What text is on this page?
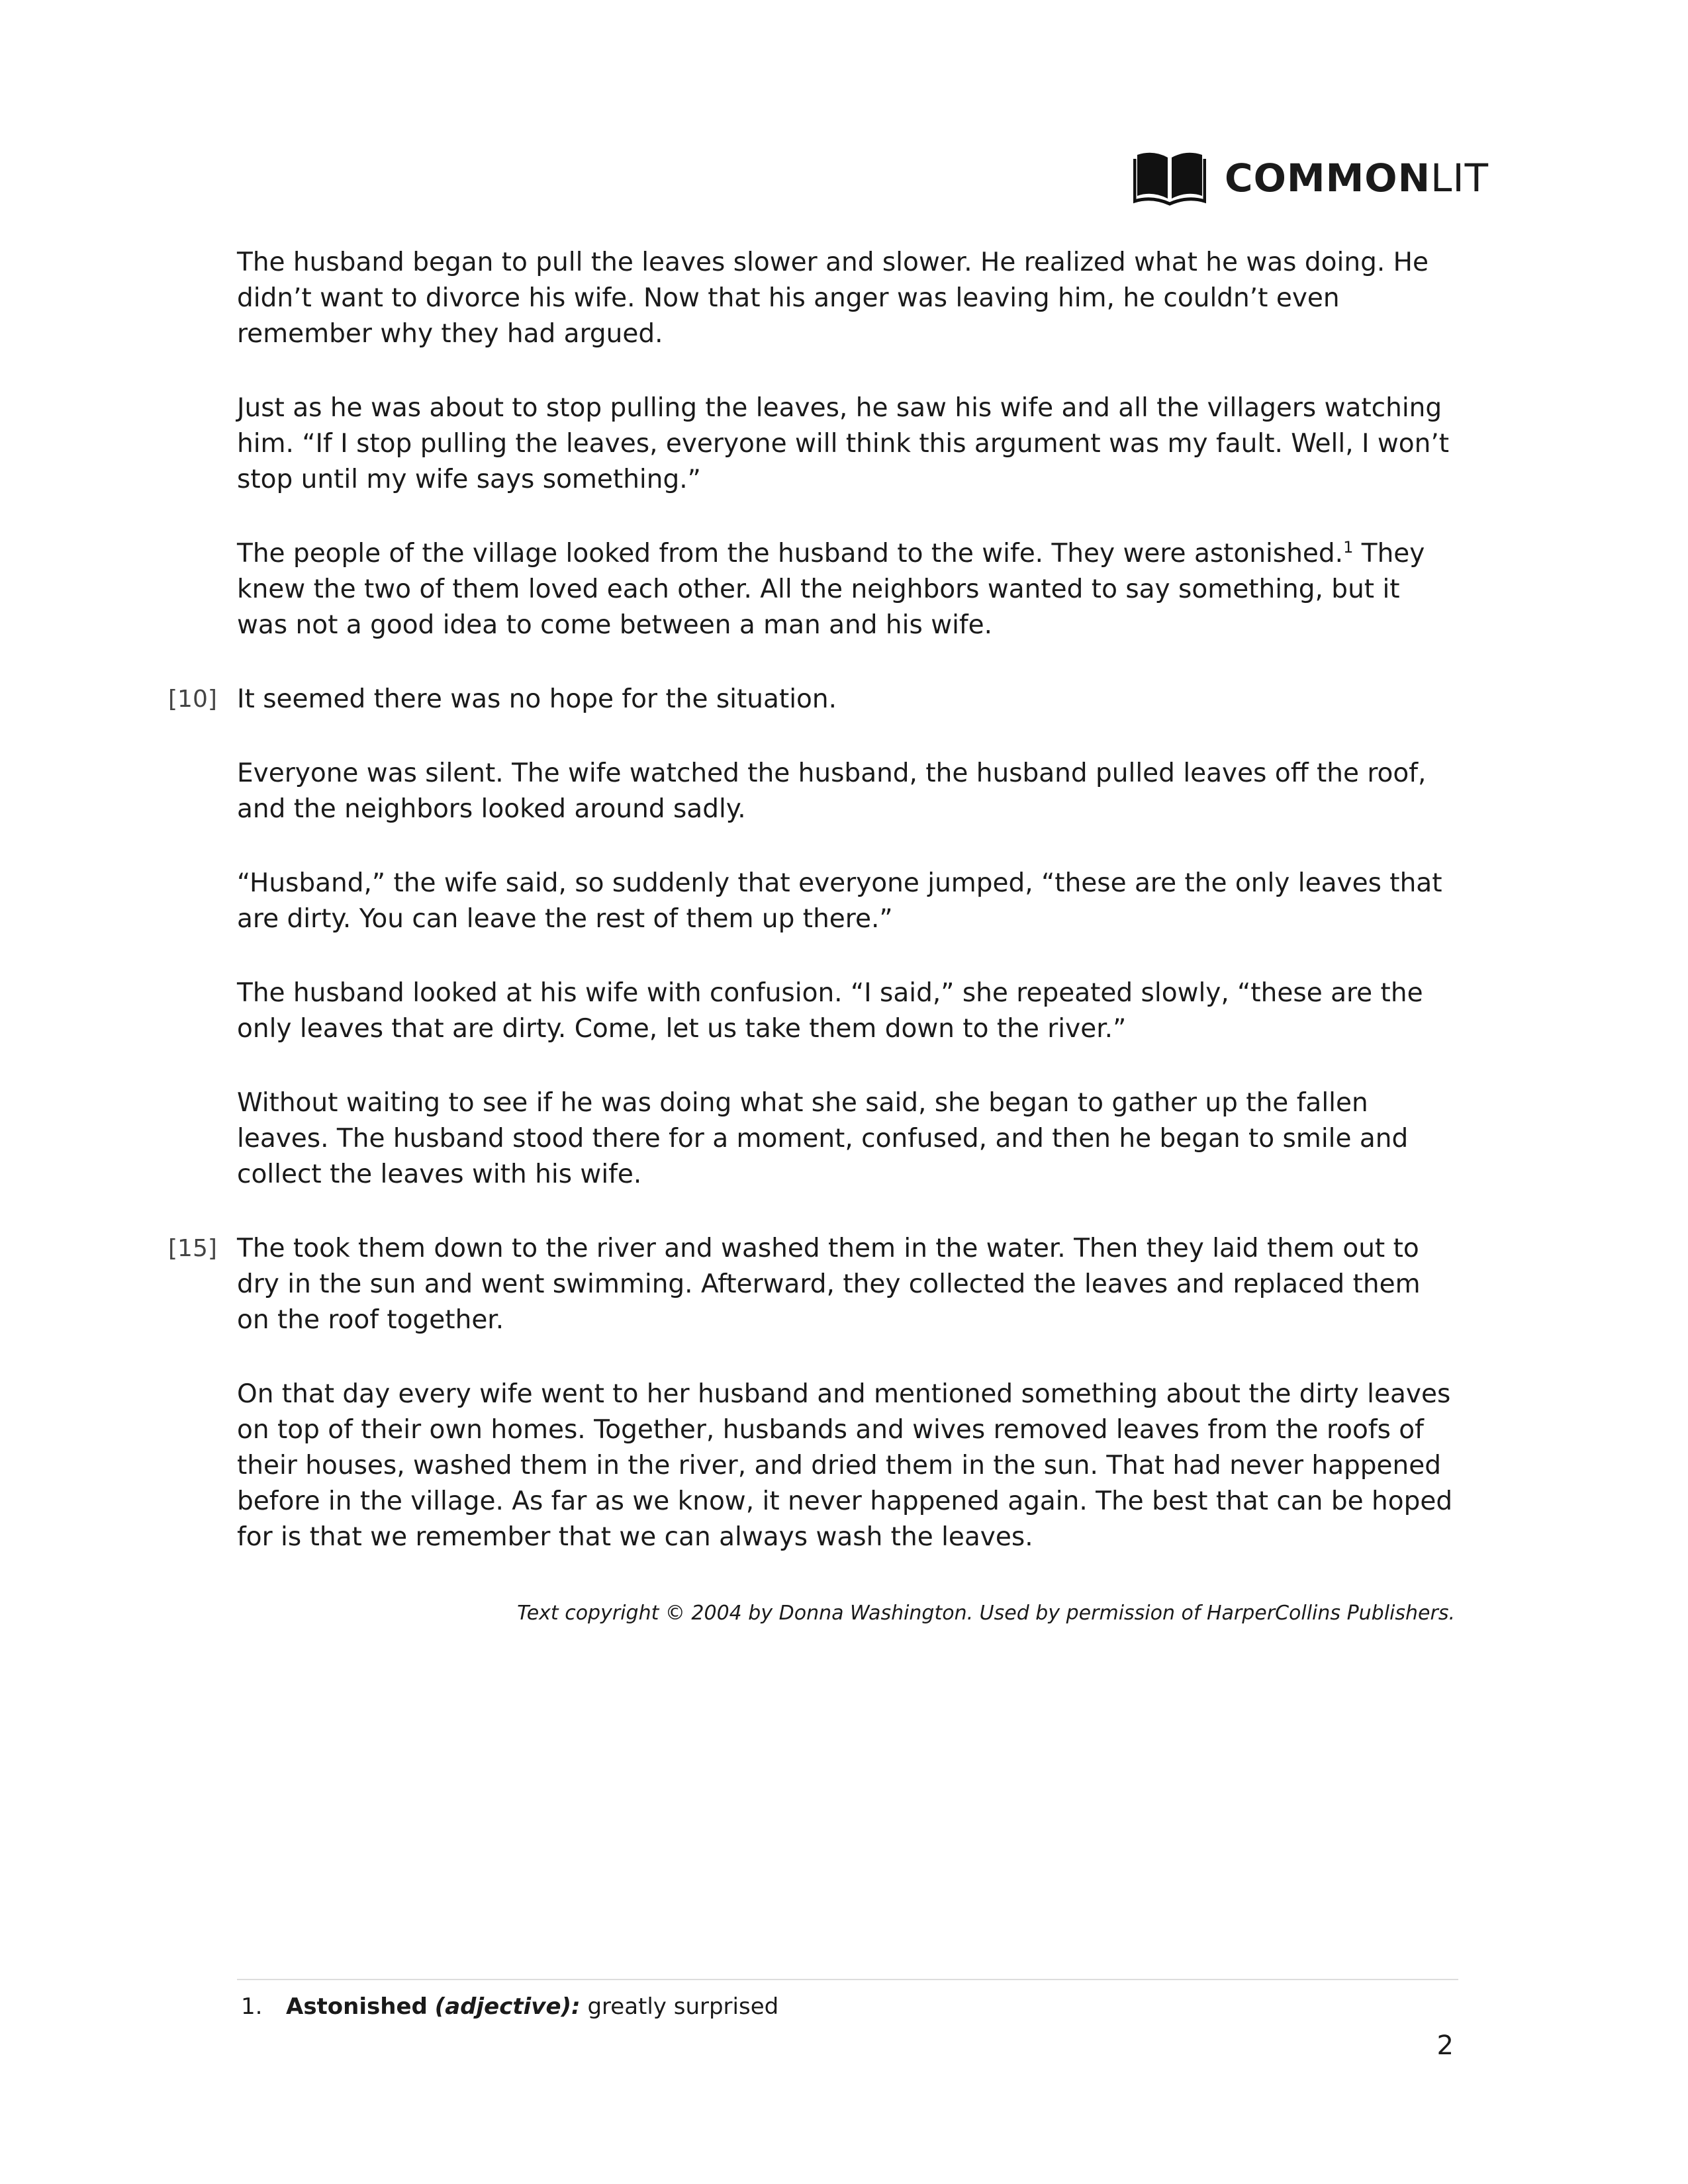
COMMONLIT

The husband began to pull the leaves slower and slower. He realized what he was doing. He didn’t want to divorce his wife. Now that his anger was leaving him, he couldn’t even remember why they had argued.

Just as he was about to stop pulling the leaves, he saw his wife and all the villagers watching him. “If I stop pulling the leaves, everyone will think this argument was my fault. Well, I won’t stop until my wife says something.”

The people of the village looked from the husband to the wife. They were astonished.$^1$ They knew the two of them loved each other. All the neighbors wanted to say something, but it was not a good idea to come between a man and his wife.

[10] It seemed there was no hope for the situation.

Everyone was silent. The wife watched the husband, the husband pulled leaves off the roof, and the neighbors looked around sadly.

“Husband,” the wife said, so suddenly that everyone jumped, “these are the only leaves that are dirty. You can leave the rest of them up there.”

The husband looked at his wife with confusion. “I said,” she repeated slowly, “these are the only leaves that are dirty. Come, let us take them down to the river.”

Without waiting to see if he was doing what she said, she began to gather up the fallen leaves. The husband stood there for a moment, confused, and then he began to smile and collect the leaves with his wife.

[15] The took them down to the river and washed them in the water. Then they laid them out to dry in the sun and went swimming. Afterward, they collected the leaves and replaced them on the roof together.

On that day every wife went to her husband and mentioned something about the dirty leaves on top of their own homes. Together, husbands and wives removed leaves from the roofs of their houses, washed them in the river, and dried them in the sun. That had never happened before in the village. As far as we know, it never happened again. The best that can be hoped for is that we remember that we can always wash the leaves.

Text copyright © 2004 by Donna Washington. Used by permission of HarperCollins Publishers.
1. Astonished (adjective): greatly surprised
2
